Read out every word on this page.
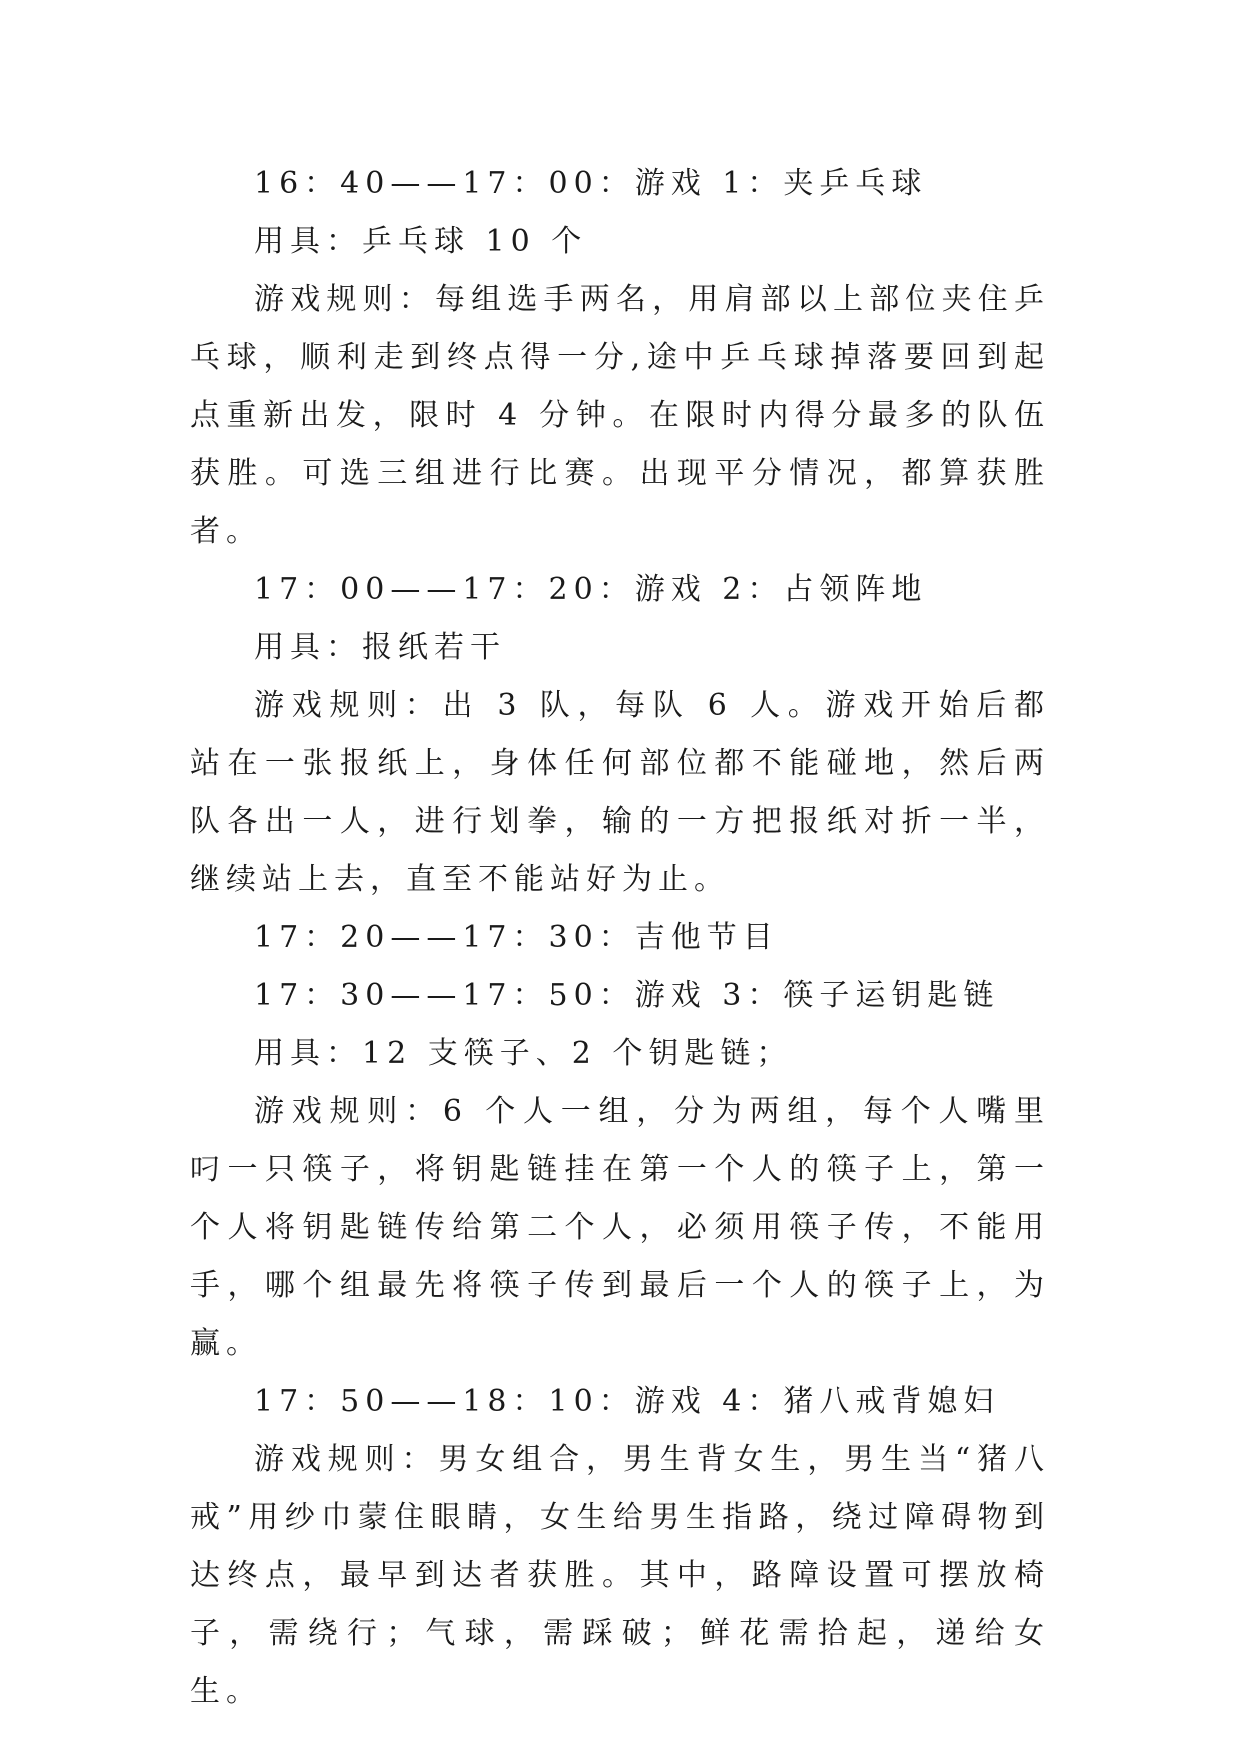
16：40——17：00：游戏 1：夹乒乓球

用具：乒乓球 10 个

游戏规则：每组选手两名，用肩部以上部位夹住乒乓球，顺利走到终点得一分,途中乒乓球掉落要回到起点重新出发，限时 4 分钟。在限时内得分最多的队伍获胜。可选三组进行比赛。出现平分情况，都算获胜者。

17：00——17：20：游戏 2：占领阵地

用具：报纸若干

游戏规则：出 3 队，每队 6 人。游戏开始后都站在一张报纸上，身体任何部位都不能碰地，然后两队各出一人，进行划拳，输的一方把报纸对折一半，继续站上去，直至不能站好为止。

17：20——17：30：吉他节目

17：30——17：50：游戏 3：筷子运钥匙链

用具：12 支筷子、2 个钥匙链；

游戏规则：6 个人一组，分为两组，每个人嘴里叼一只筷子，将钥匙链挂在第一个人的筷子上，第一个人将钥匙链传给第二个人，必须用筷子传，不能用手，哪个组最先将筷子传到最后一个人的筷子上，为赢。

17：50——18：10：游戏 4：猪八戒背媳妇

游戏规则：男女组合，男生背女生，男生当“猪八戒”用纱巾蒙住眼睛，女生给男生指路，绕过障碍物到达终点，最早到达者获胜。其中，路障设置可摆放椅子，需绕行；气球，需踩破；鲜花需拾起，递给女生。
